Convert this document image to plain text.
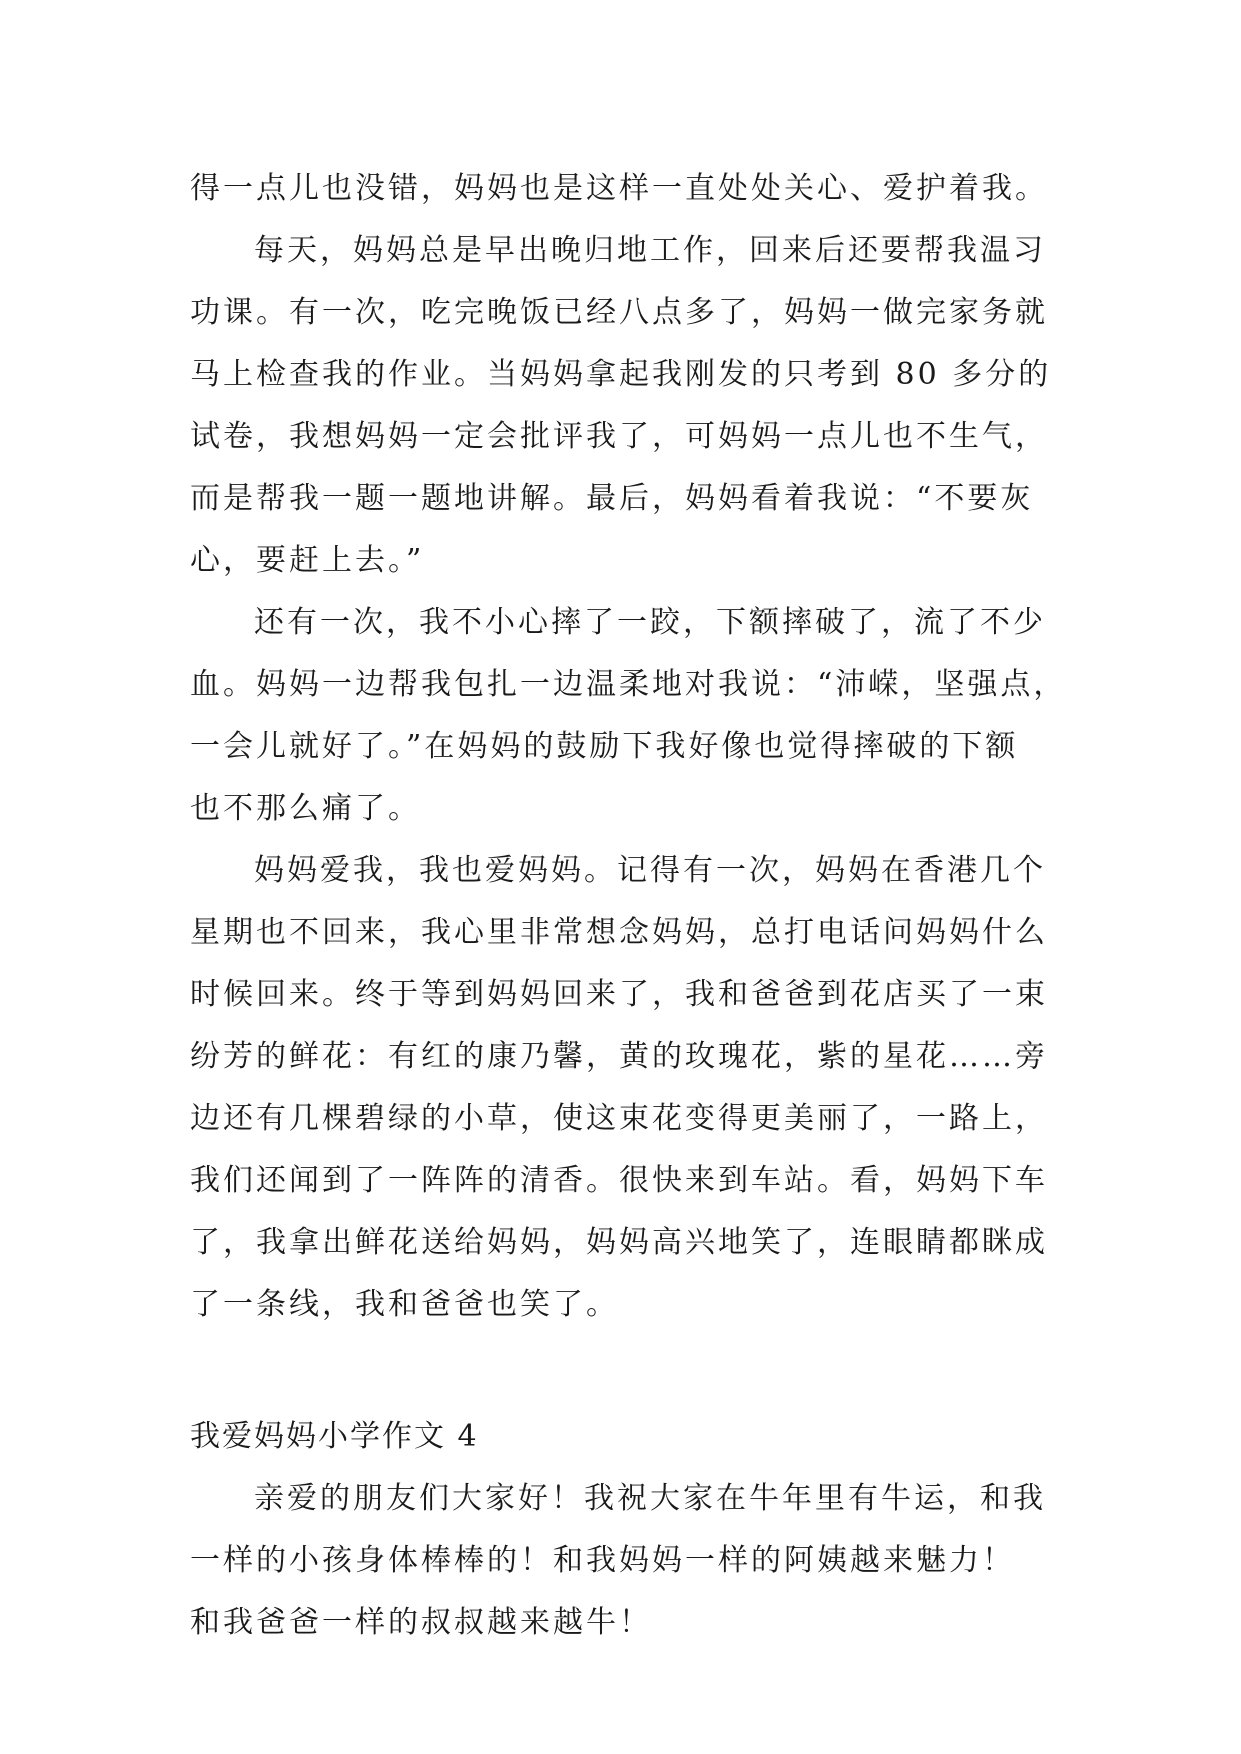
得一点儿也没错，妈妈也是这样一直处处关心、爱护着我。
每天，妈妈总是早出晚归地工作，回来后还要帮我温习
功课。有一次，吃完晚饭已经八点多了，妈妈一做完家务就
马上检查我的作业。当妈妈拿起我刚发的只考到 80 多分的
试卷，我想妈妈一定会批评我了，可妈妈一点儿也不生气，
而是帮我一题一题地讲解。最后，妈妈看着我说：“不要灰
心，要赶上去。”
还有一次，我不小心摔了一跤，下额摔破了，流了不少
血。妈妈一边帮我包扎一边温柔地对我说：“沛嵘，坚强点，
一会儿就好了。”在妈妈的鼓励下我好像也觉得摔破的下额
也不那么痛了。
妈妈爱我，我也爱妈妈。记得有一次，妈妈在香港几个
星期也不回来，我心里非常想念妈妈，总打电话问妈妈什么
时候回来。终于等到妈妈回来了，我和爸爸到花店买了一束
纷芳的鲜花：有红的康乃馨，黄的玫瑰花，紫的星花……旁
边还有几棵碧绿的小草，使这束花变得更美丽了，一路上，
我们还闻到了一阵阵的清香。很快来到车站。看，妈妈下车
了，我拿出鲜花送给妈妈，妈妈高兴地笑了，连眼睛都眯成
了一条线，我和爸爸也笑了。
我爱妈妈小学作文 4
亲爱的朋友们大家好！我祝大家在牛年里有牛运，和我
一样的小孩身体棒棒的！和我妈妈一样的阿姨越来魅力！
和我爸爸一样的叔叔越来越牛！
